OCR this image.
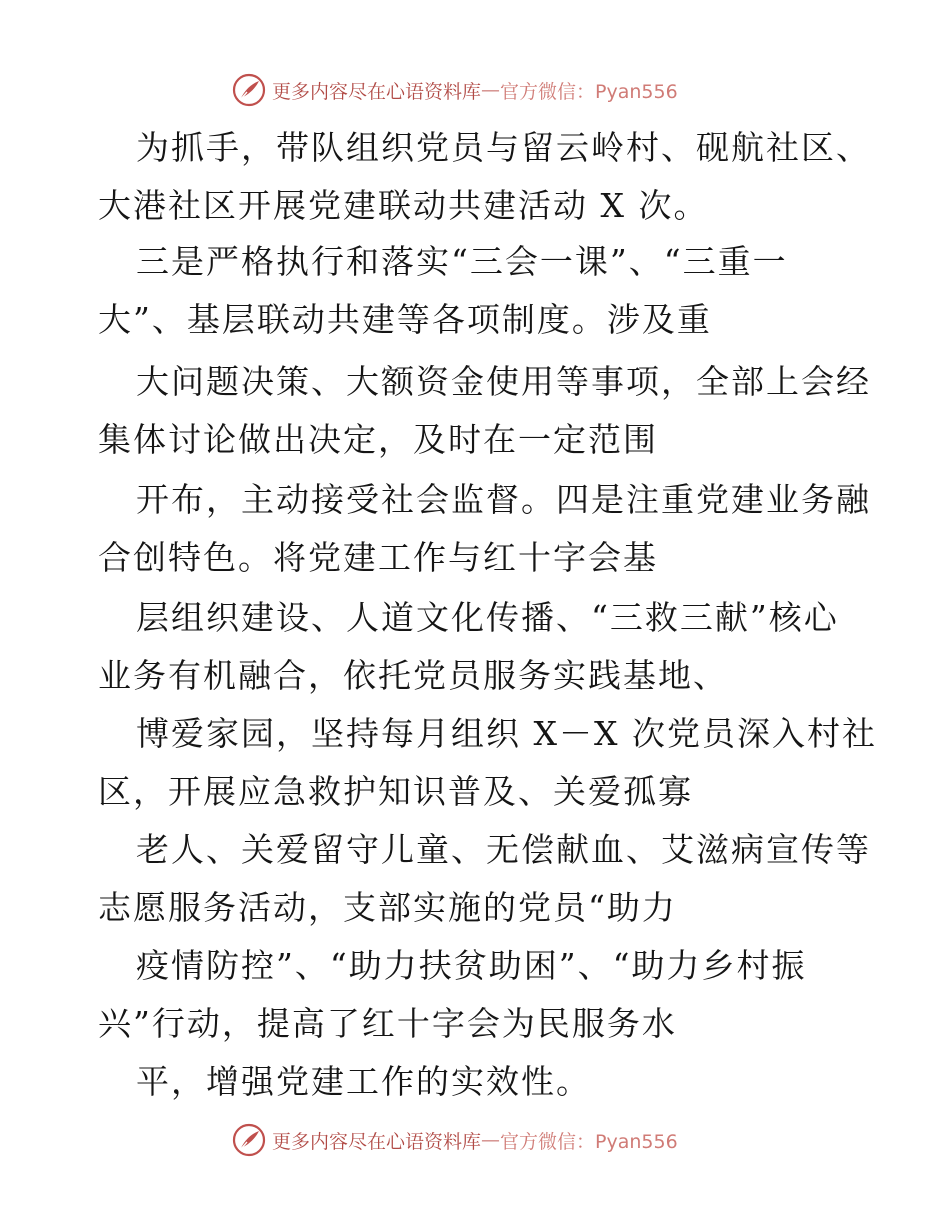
更多内容尽在心语资料库 — 官方微信：Pyan556
为抓手，带队组织党员与留云岭村、砚航社区、
大港社区开展党建联动共建活动 X 次。
三是严格执行和落实“三会一课”、“三重一
大”、基层联动共建等各项制度。涉及重
大问题决策、大额资金使用等事项，全部上会经
集体讨论做出决定，及时在一定范围
开布，主动接受社会监督。四是注重党建业务融
合创特色。将党建工作与红十字会基
层组织建设、人道文化传播、“三救三献”核心
业务有机融合，依托党员服务实践基地、
博爱家园，坚持每月组织 X－X 次党员深入村社
区，开展应急救护知识普及、关爱孤寡
老人、关爱留守儿童、无偿献血、艾滋病宣传等
志愿服务活动，支部实施的党员“助力
疫情防控”、“助力扶贫助困”、“助力乡村振
兴”行动，提高了红十字会为民服务水
平，增强党建工作的实效性。
更多内容尽在心语资料库 — 官方微信：Pyan556
